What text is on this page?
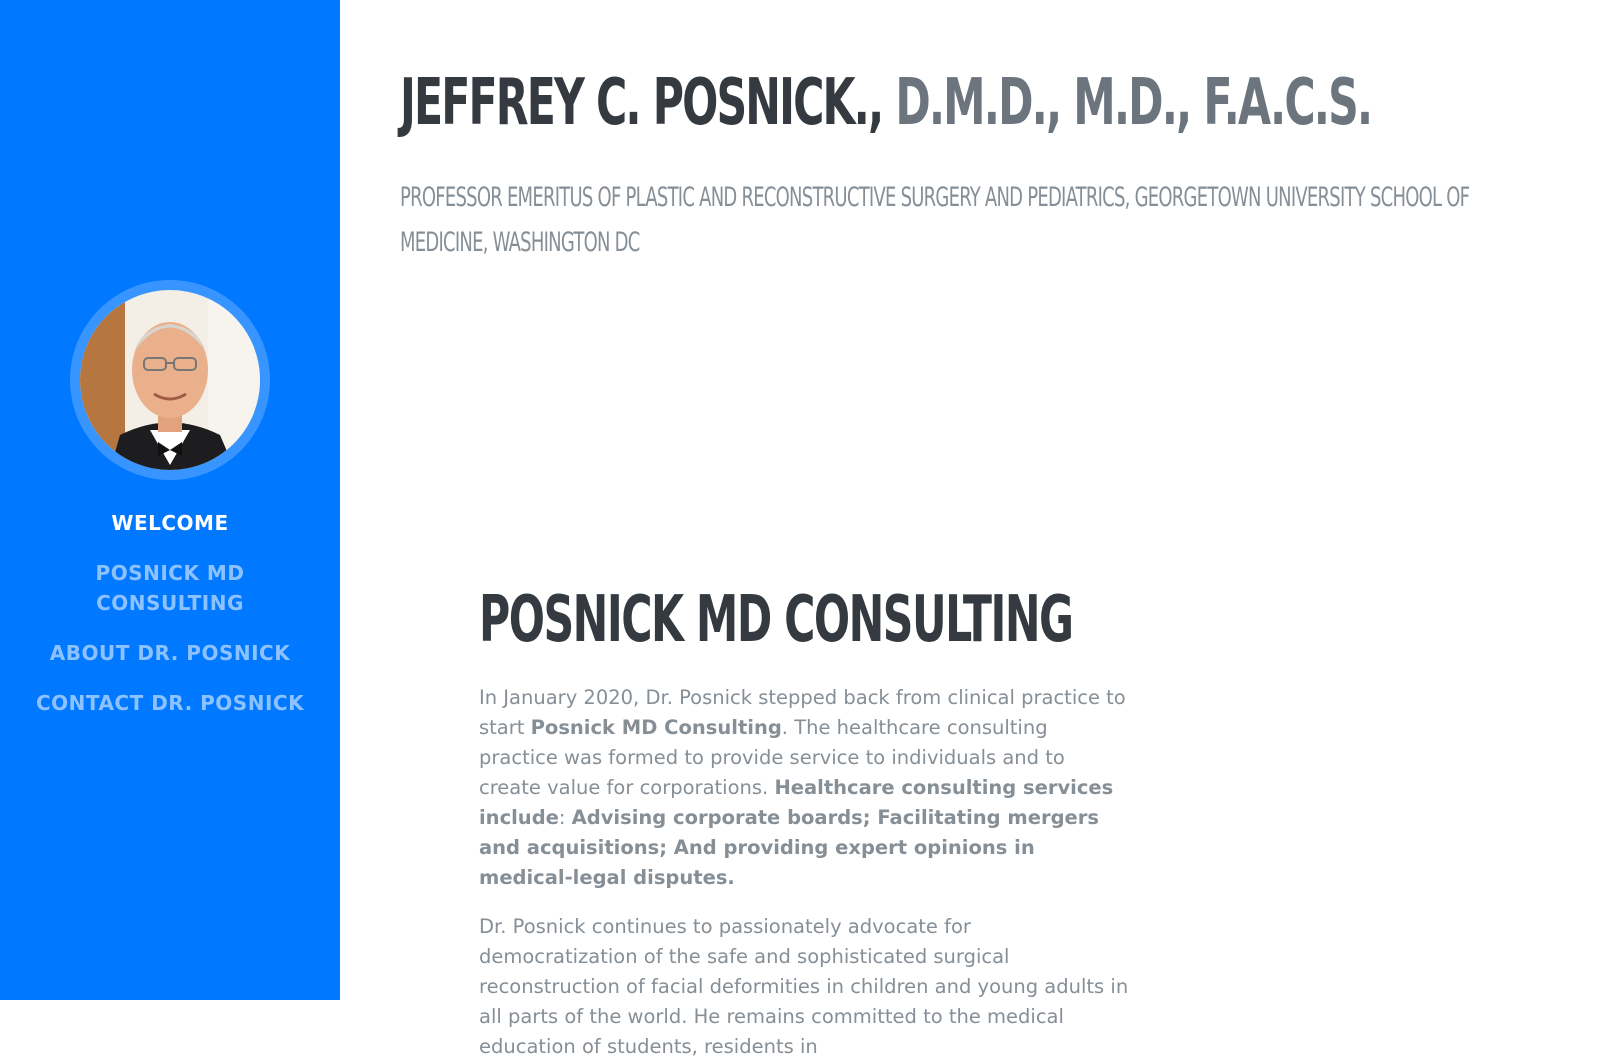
WELCOME
POSNICK MD CONSULTING
ABOUT DR. POSNICK
CONTACT DR. POSNICK
JEFFREY C. POSNICK., D.M.D., M.D., F.A.C.S.

PROFESSOR EMERITUS OF PLASTIC AND RECONSTRUCTIVE SURGERY AND PEDIATRICS, GEORGETOWN UNIVERSITY SCHOOL OF MEDICINE, WASHINGTON DC

POSNICK MD CONSULTING

In January 2020, Dr. Posnick stepped back from clinical practice to start Posnick MD Consulting. The healthcare consulting practice was formed to provide service to individuals and to create value for corporations. Healthcare consulting services include: Advising corporate boards; Facilitating mergers and acquisitions; And providing expert opinions in medical-legal disputes.

Dr. Posnick continues to passionately advocate for democratization of the safe and sophisticated surgical reconstruction of facial deformities in children and young adults in all parts of the world. He remains committed to the medical education of students, residents in
